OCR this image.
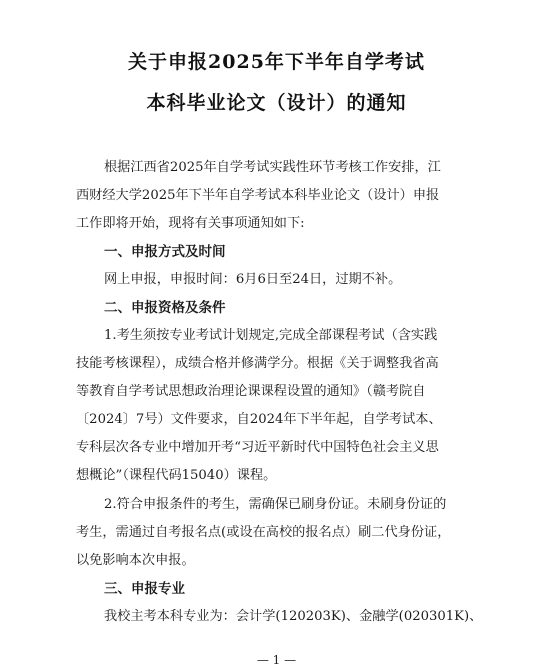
关于申报2025年下半年自学考试
本科毕业论文（设计）的通知
根据江西省2025年自学考试实践性环节考核工作安排，江
西财经大学2025年下半年自学考试本科毕业论文（设计）申报
工作即将开始，现将有关事项通知如下:
一、申报方式及时间
网上申报，申报时间：6月6日至24日，过期不补。
二、申报资格及条件
1.考生须按专业考试计划规定,完成全部课程考试（含实践
技能考核课程），成绩合格并修满学分。根据《关于调整我省高
等教育自学考试思想政治理论课课程设置的通知》（赣考院自
〔2024〕7号）文件要求，自2024年下半年起，自学考试本、
专科层次各专业中增加开考“习近平新时代中国特色社会主义思
想概论”（课程代码15040）课程。
2.符合申报条件的考生，需确保已刷身份证。未刷身份证的
考生，需通过自考报名点(或设在高校的报名点）刷二代身份证，
以免影响本次申报。
三、申报专业
我校主考本科专业为：会计学(120203K)、金融学(020301K)、
— 1 —
